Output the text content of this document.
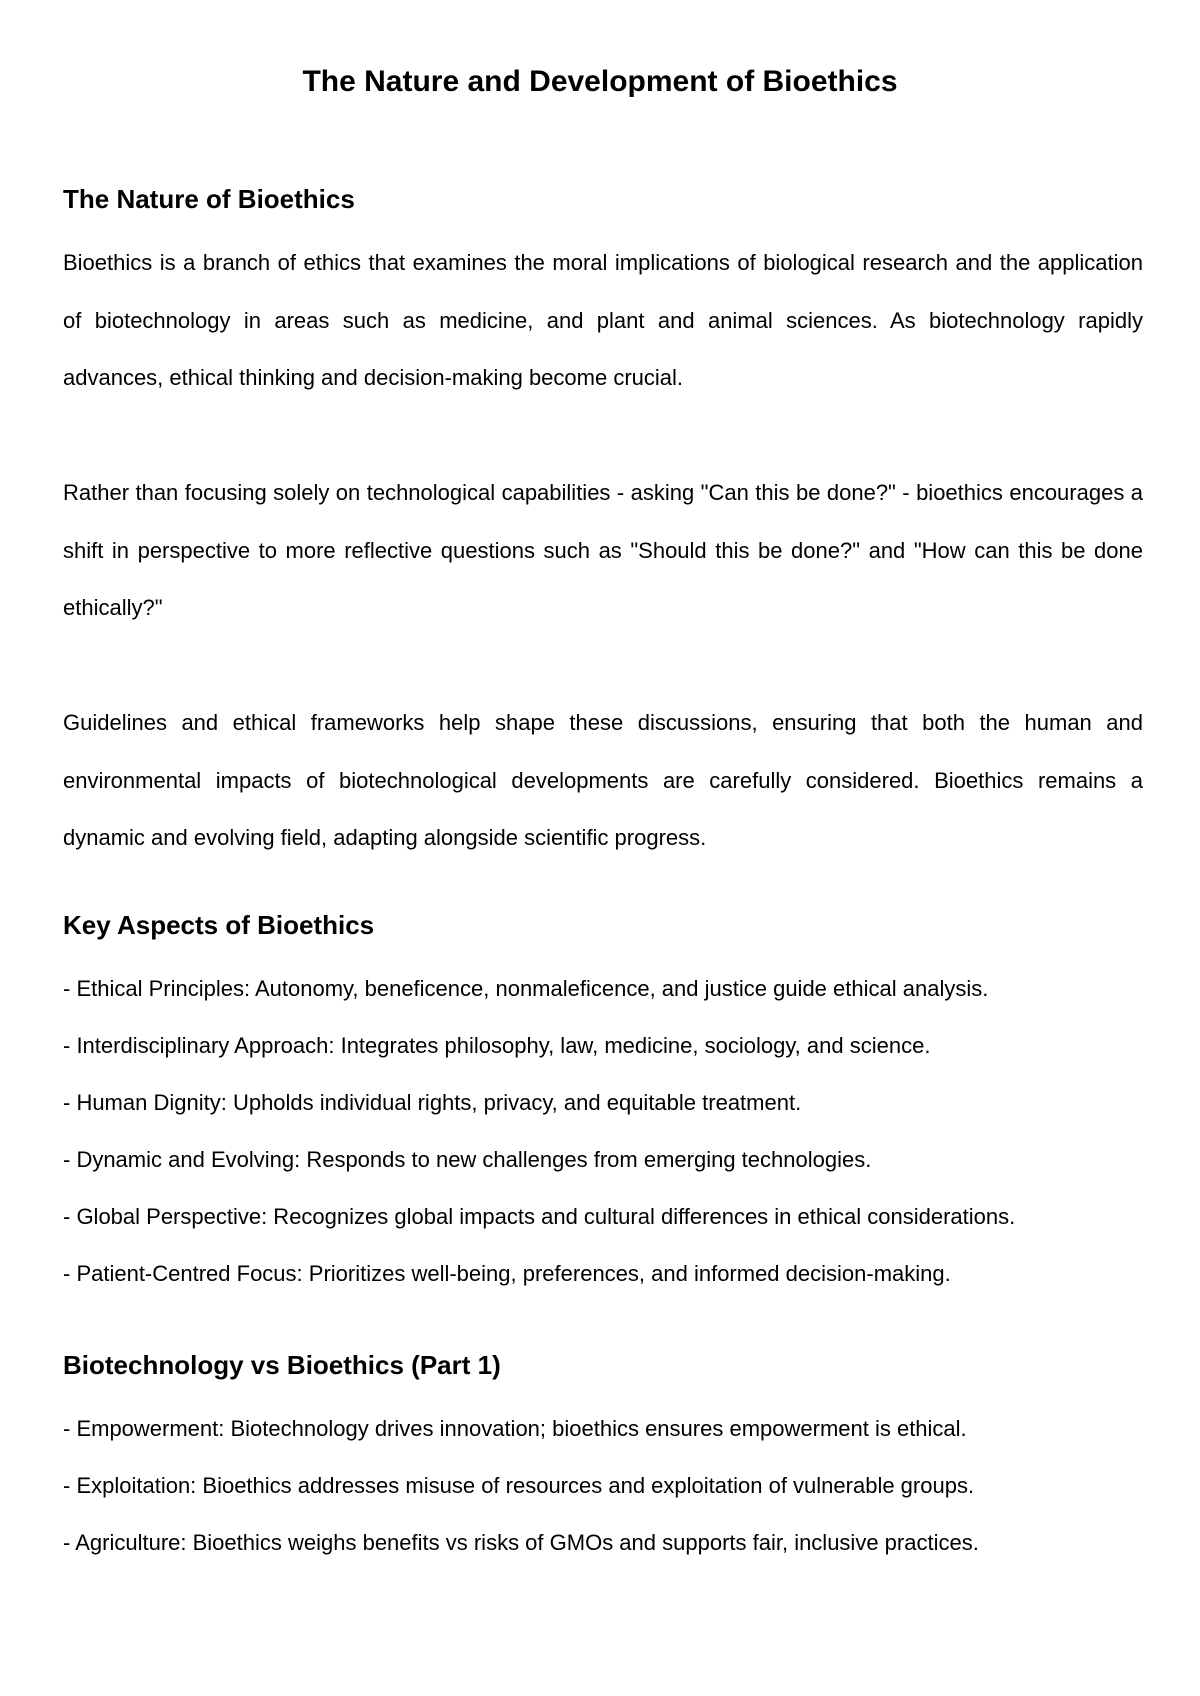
The Nature and Development of Bioethics
The Nature of Bioethics

Bioethics is a branch of ethics that examines the moral implications of biological research and the application of biotechnology in areas such as medicine, and plant and animal sciences. As biotechnology rapidly advances, ethical thinking and decision-making become crucial.

Rather than focusing solely on technological capabilities - asking "Can this be done?" - bioethics encourages a shift in perspective to more reflective questions such as "Should this be done?" and "How can this be done ethically?"

Guidelines and ethical frameworks help shape these discussions, ensuring that both the human and environmental impacts of biotechnological developments are carefully considered. Bioethics remains a dynamic and evolving field, adapting alongside scientific progress.

Key Aspects of Bioethics
- Ethical Principles: Autonomy, beneficence, nonmaleficence, and justice guide ethical analysis.
- Interdisciplinary Approach: Integrates philosophy, law, medicine, sociology, and science.
- Human Dignity: Upholds individual rights, privacy, and equitable treatment.
- Dynamic and Evolving: Responds to new challenges from emerging technologies.
- Global Perspective: Recognizes global impacts and cultural differences in ethical considerations.
- Patient-Centred Focus: Prioritizes well-being, preferences, and informed decision-making.
Biotechnology vs Bioethics (Part 1)
- Empowerment: Biotechnology drives innovation; bioethics ensures empowerment is ethical.
- Exploitation: Bioethics addresses misuse of resources and exploitation of vulnerable groups.
- Agriculture: Bioethics weighs benefits vs risks of GMOs and supports fair, inclusive practices.
